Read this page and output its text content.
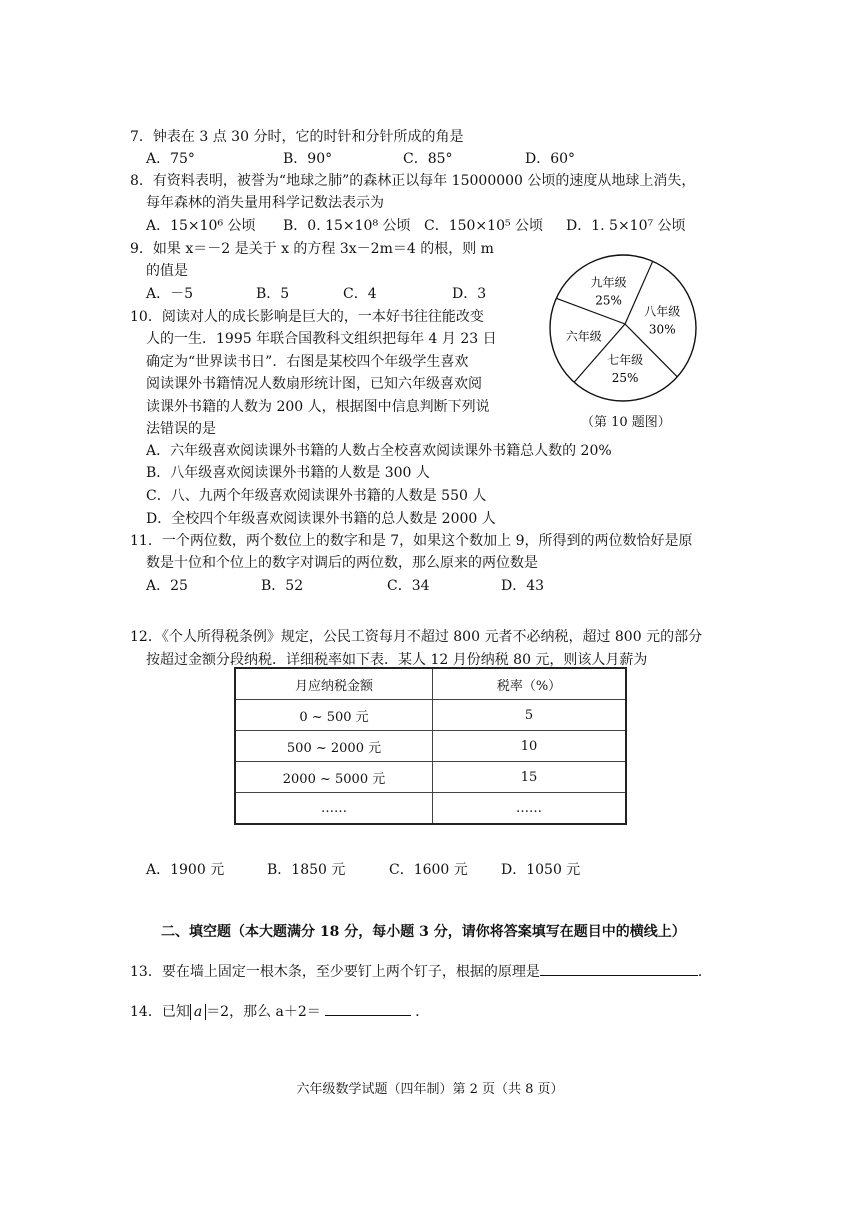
7．钟表在 3 点 30 分时，它的时针和分针所成的角是
A．75°	B．90°	C．85°	D．60°
8．有资料表明，被誉为“地球之肺”的森林正以每年 15000000 公顷的速度从地球上消失，
每年森林的消失量用科学记数法表示为
A．15×10⁶ 公顷 B．0. 15×10⁸ 公顷 C．150×10⁵ 公顷 D．1. 5×10⁷ 公顷
9．如果 x＝－2 是关于 x 的方程 3x－2m＝4 的根，则 m
的值是
A．－5	B．5	C．4	D．3
10．阅读对人的成长影响是巨大的，一本好书往往能改变
人的一生．1995 年联合国教科文组织把每年 4 月 23 日
确定为“世界读书日”．右图是某校四个年级学生喜欢
阅读课外书籍情况人数扇形统计图，已知六年级喜欢阅
读课外书籍的人数为 200 人，根据图中信息判断下列说
法错误的是
八年级
30%
七年级
25%
六年级
九年级
25%
（第 10 题图）
A．六年级喜欢阅读课外书籍的人数占全校喜欢阅读课外书籍总人数的 20%
B．八年级喜欢阅读课外书籍的人数是 300 人
C．八、九两个年级喜欢阅读课外书籍的人数是 550 人
D．全校四个年级喜欢阅读课外书籍的总人数是 2000 人
11．一个两位数，两个数位上的数字和是 7，如果这个数加上 9，所得到的两位数恰好是原
数是十位和个位上的数字对调后的两位数，那么原来的两位数是
A．25	B．52	C．34	D．43
12．《个人所得税条例》规定，公民工资每月不超过 800 元者不必纳税，超过 800 元的部分
按超过金额分段纳税．详细税率如下表．某人 12 月份纳税 80 元，则该人月薪为
月应纳税金额	税率（%）
0 ~ 500 元	5
500 ~ 2000 元	10
2000 ~ 5000 元	15
……	……
A．1900 元	B．1850 元	C．1600 元 D．1050 元
二、填空题（本大题满分 18 分，每小题 3 分，请你将答案填写在题目中的横线上）
13．要在墙上固定一根木条，至少要钉上两个钉子，根据的原理是	．
14．已知 a ＝2，那么 a＋2＝	．
六年级数学试题（四年制）第 2 页（共 8 页）
